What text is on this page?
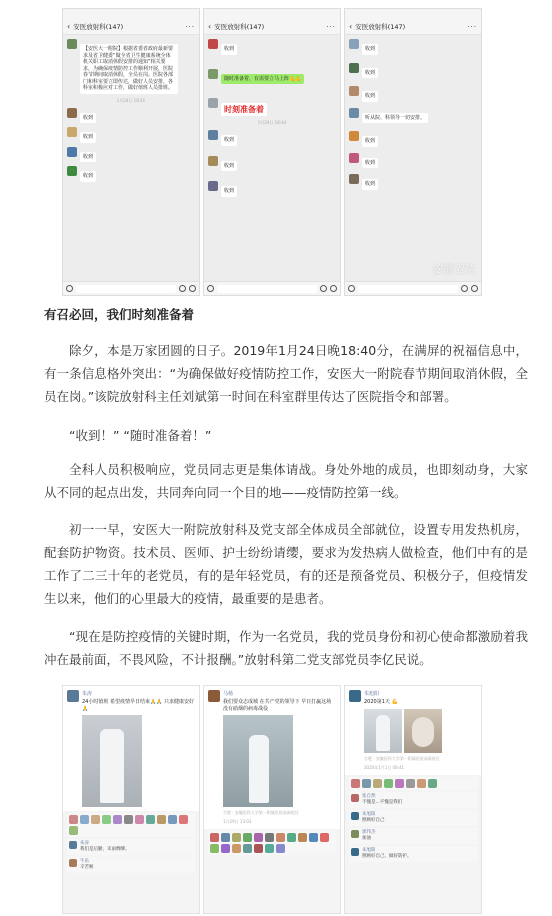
‹ 安医放射科(147)	···
【安医大一附院】根据省委省政府最新要求及省卫健委“做全省卫生健康系统全体机关职工取消休假安排的通知”相关要求，为确保疫情防控工作顺利开展，医院春节期间取消休假，全员在岗。医院各部门和科室要立即传达，做好人员安排，各科室积极应对工作，做好值班人员排班。
1月24日 18:41
收到
收到
收到
收到
‹ 安医放射科(147)	···
收到
随时准备着，有需要立马上阵💪💪
时刻准备着
1月24日 18:44
收到
收到
收到
‹ 安医放射科(147)	···
收到
收到
收到
听从院、科领导一切安排。
收到
收到
收到
安徽卫生
有召必回，我们时刻准备着

除夕，本是万家团圆的日子。2019年1月24日晚18:40分，在满屏的祝福信息中，有一条信息格外突出：“为确保做好疫情防控工作，安医大一附院春节期间取消休假，全员在岗。”该院放射科主任刘斌第一时间在科室群里传达了医院指令和部署。

“收到！” “随时准备着！”

全科人员积极响应，党员同志更是集体请战。身处外地的成员，也即刻动身，大家从不同的起点出发，共同奔向同一个目的地——疫情防控第一线。

初一一早，安医大一附院放射科及党支部全体成员全部就位，设置专用发热机房，配套防护物资。技术员、医师、护士纷纷请缨，要求为发热病人做检查，他们中有的是工作了二三十年的老党员，有的是年轻党员，有的还是预备党员、积极分子，但疫情发生以来，他们的心里最大的疫情，最重要的是患者。

“现在是防控疫情的关键时期，作为一名党员，我的党员身份和初心使命都激励着我冲在最前面，不畏风险，不计报酬。”放射科第二党支部党员李亿民说。

朱涛
24小时值班 希望疫情早日结束🙏🙏 只求健康安好🙏
朱涛
我们是后勤，未雨绸缪。
牛乐
辛苦啦
马杨
我们要众志成城 在共产党的领导下 早日打赢这场没有硝烟的病毒战役
合肥 · 安徽医科大学第一附属医院高新院区
1月29日 13:03
朱旭阳
2020第1天 💪
合肥 · 安徽医科大学第一附属医院高新院区
2020年1月1日 08:41
张自然
不愧是...不愧是我们
朱旭阳
照顾好自己
郭伟杰
加油
朱旭阳
照顾好自己，做好防护。
